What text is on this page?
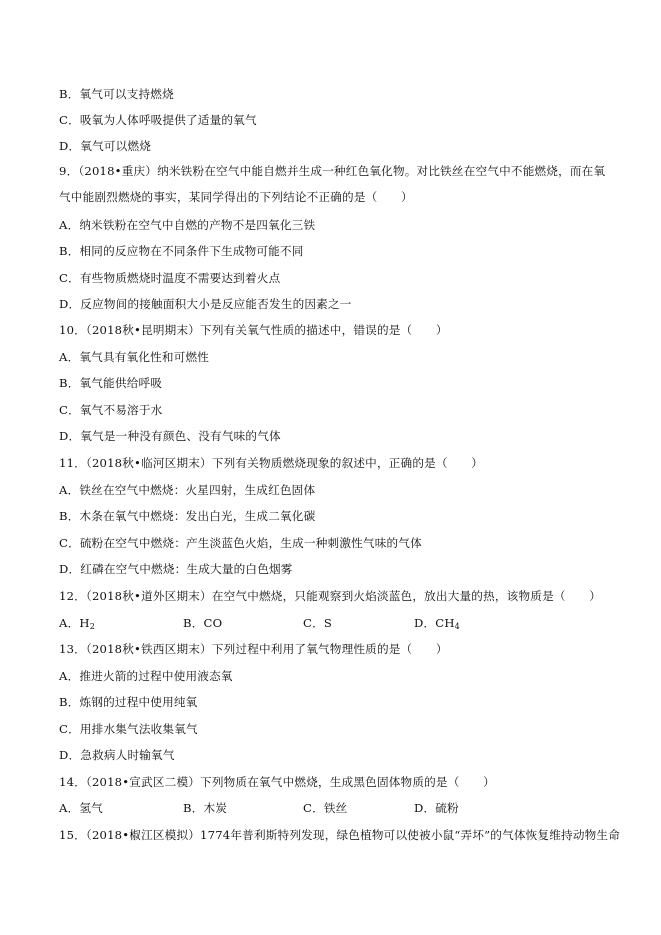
B．氧气可以支持燃烧
C．吸氧为人体呼吸提供了适量的氧气
D．氧气可以燃烧
9．（2018•重庆）纳米铁粉在空气中能自燃并生成一种红色氧化物。对比铁丝在空气中不能燃烧，而在氧气中能剧烈燃烧的事实，某同学得出的下列结论不正确的是（　　）
A．纳米铁粉在空气中自燃的产物不是四氧化三铁
B．相同的反应物在不同条件下生成物可能不同
C．有些物质燃烧时温度不需要达到着火点
D．反应物间的接触面积大小是反应能否发生的因素之一
10．（2018秋•昆明期末）下列有关氧气性质的描述中，错误的是（　　）
A．氧气具有氧化性和可燃性
B．氧气能供给呼吸
C．氧气不易溶于水
D．氧气是一种没有颜色、没有气味的气体
11．（2018秋•临河区期末）下列有关物质燃烧现象的叙述中，正确的是（　　）
A．铁丝在空气中燃烧：火星四射，生成红色固体
B．木条在氧气中燃烧：发出白光，生成二氧化碳
C．硫粉在空气中燃烧：产生淡蓝色火焰，生成一种刺激性气味的气体
D．红磷在空气中燃烧：生成大量的白色烟雾
12．（2018秋•道外区期末）在空气中燃烧，只能观察到火焰淡蓝色，放出大量的热，该物质是（　　）
A．$H_2$	B．CO	C．S	D．$CH_4$
13．（2018秋•铁西区期末）下列过程中利用了氧气物理性质的是（　　）
A．推进火箭的过程中使用液态氧
B．炼钢的过程中使用纯氧
C．用排水集气法收集氧气
D．急救病人时输氧气
14．（2018•宣武区二模）下列物质在氧气中燃烧，生成黑色固体物质的是（　　）
A．氢气	B．木炭	C．铁丝	D．硫粉
15．（2018•椒江区模拟）1774年普利斯特列发现，绿色植物可以使被小鼠“弄坏”的气体恢复维持动物生命
